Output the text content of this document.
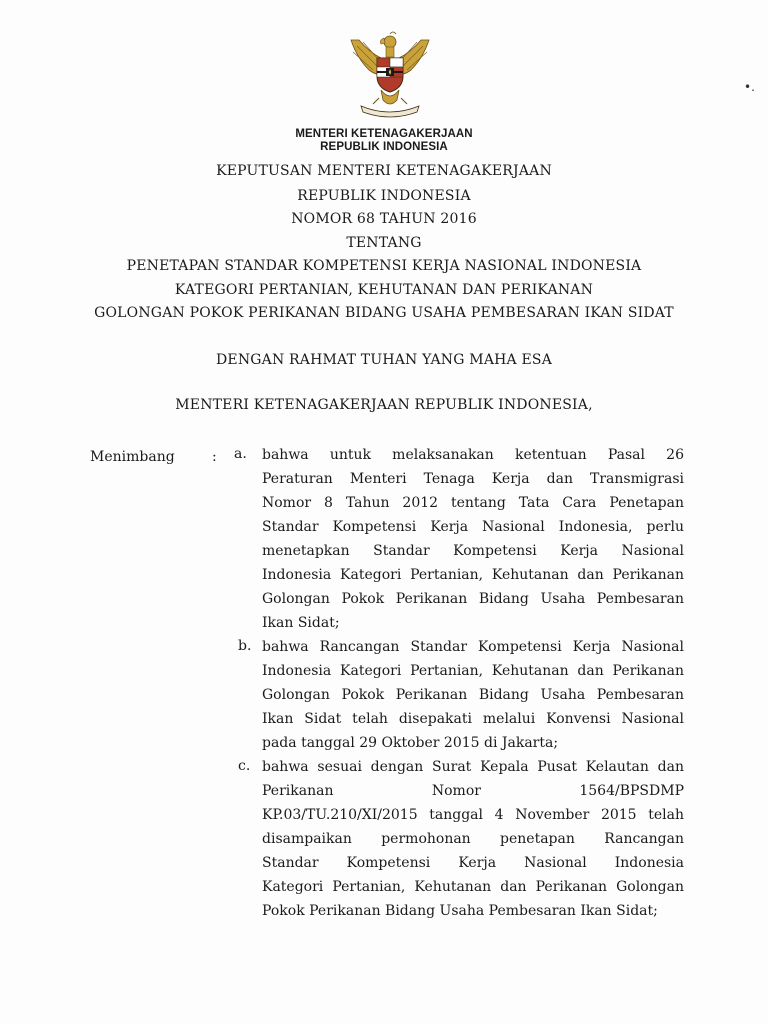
•.
MENTERI KETENAGAKERJAAN
REPUBLIK INDONESIA
KEPUTUSAN MENTERI KETENAGAKERJAAN
REPUBLIK INDONESIA
NOMOR 68 TAHUN 2016
TENTANG
PENETAPAN STANDAR KOMPETENSI KERJA NASIONAL INDONESIA
KATEGORI PERTANIAN, KEHUTANAN DAN PERIKANAN
GOLONGAN POKOK PERIKANAN BIDANG USAHA PEMBESARAN IKAN SIDAT
DENGAN RAHMAT TUHAN YANG MAHA ESA
MENTERI KETENAGAKERJAAN REPUBLIK INDONESIA,
Menimbang	: a.	bahwa untuk melaksanakan ketentuan Pasal 26
Peraturan Menteri Tenaga Kerja dan Transmigrasi
Nomor 8 Tahun 2012 tentang Tata Cara Penetapan
Standar Kompetensi Kerja Nasional Indonesia, perlu
menetapkan Standar Kompetensi Kerja Nasional
Indonesia Kategori Pertanian, Kehutanan dan Perikanan
Golongan Pokok Perikanan Bidang Usaha Pembesaran
Ikan Sidat;
b. bahwa Rancangan Standar Kompetensi Kerja Nasional
Indonesia Kategori Pertanian, Kehutanan dan Perikanan
Golongan Pokok Perikanan Bidang Usaha Pembesaran
Ikan Sidat telah disepakati melalui Konvensi Nasional
pada tanggal 29 Oktober 2015 di Jakarta;
c. bahwa sesuai dengan Surat Kepala Pusat Kelautan dan
Perikanan Nomor 1564/BPSDMP
KP.03/TU.210/XI/2015 tanggal 4 November 2015 telah
disampaikan permohonan penetapan Rancangan
Standar Kompetensi Kerja Nasional Indonesia
Kategori Pertanian, Kehutanan dan Perikanan Golongan
Pokok Perikanan Bidang Usaha Pembesaran Ikan Sidat;
